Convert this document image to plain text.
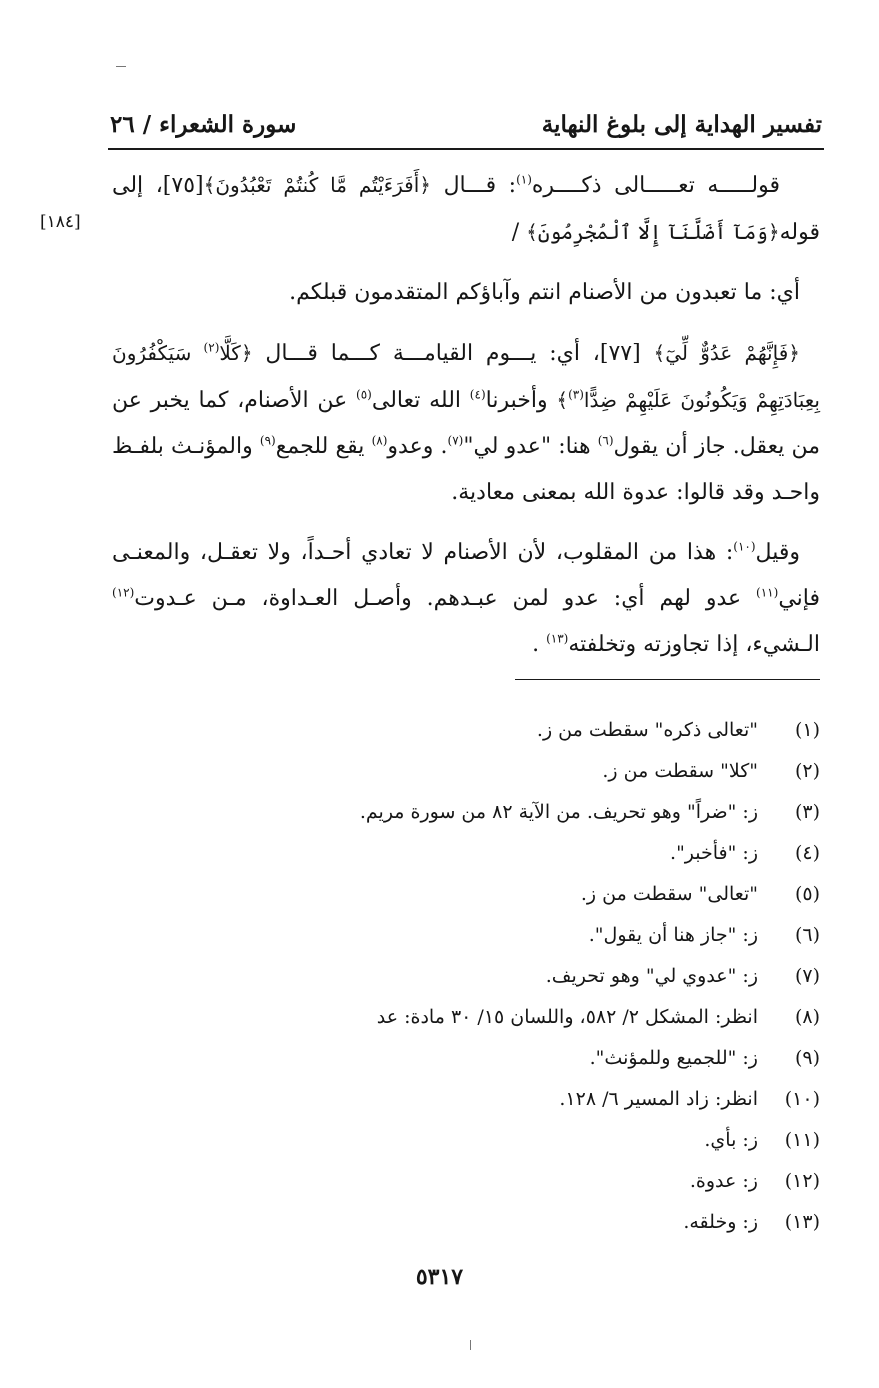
تفسير الهداية إلى بلوغ النهاية
سورة الشعراء / ٢٦
[١٨٤]

قولـــــه تعـــــالى ذكــــره$^{(١)}$: قـــال ﴿أَفَرَءَيْتُم مَّا كُنتُمْ تَعْبُدُونَ﴾[٧٥]، إلى قوله﴿وَمَآ أَضَلَّنَآ إِلَّا ٱلْمُجْرِمُونَ﴾ /

أي: ما تعبدون من الأصنام انتم وآباؤكم المتقدمون قبلكم.

﴿فَإِنَّهُمْ عَدُوٌّ لِّيٓ﴾ [٧٧]، أي: يـــوم القيامـــة كـــما قـــال ﴿كَلَّا$^{(٢)}$ سَيَكْفُرُونَ بِعِبَادَتِهِمْ وَيَكُونُونَ عَلَيْهِمْ ضِدًّا$^{(٣)}$﴾ وأخبرنا$^{(٤)}$ الله تعالى$^{(٥)}$ عن الأصنام، كما يخبر عن من يعقل. جاز أن يقول$^{(٦)}$ هنا: "عدو لي"$^{(٧)}$. وعدو$^{(٨)}$ يقع للجمع$^{(٩)}$ والمؤنـث بلفـظ واحـد وقد قالوا: عدوة الله بمعنى معادية.

وقيل$^{(١٠)}$: هذا من المقلوب، لأن الأصنام لا تعادي أحـداً، ولا تعقـل، والمعنـى فإني$^{(١١)}$ عدو لهم أي: عدو لمن عبـدهم. وأصـل العـداوة، مـن عـدوت$^{(١٢)}$ الـشيء، إذا تجاوزته وتخلفته$^{(١٣)}$ .

(١)
"تعالى ذكره" سقطت من ز.
(٢)
"كلا" سقطت من ز.
(٣)
ز: "ضراً" وهو تحريف. من الآية ٨٢ من سورة مريم.
(٤)
ز: "فأخبر".
(٥)
"تعالى" سقطت من ز.
(٦)
ز: "جاز هنا أن يقول".
(٧)
ز: "عدوي لي" وهو تحريف.
(٨)
انظر: المشكل ٢/ ٥٨٢، واللسان ١٥/ ٣٠ مادة: عد
(٩)
ز: "للجميع وللمؤنث".
(١٠)
انظر: زاد المسير ٦/ ١٢٨.
(١١)
ز: بأي.
(١٢)
ز: عدوة.
(١٣)
ز: وخلقه.
٥٣١٧
